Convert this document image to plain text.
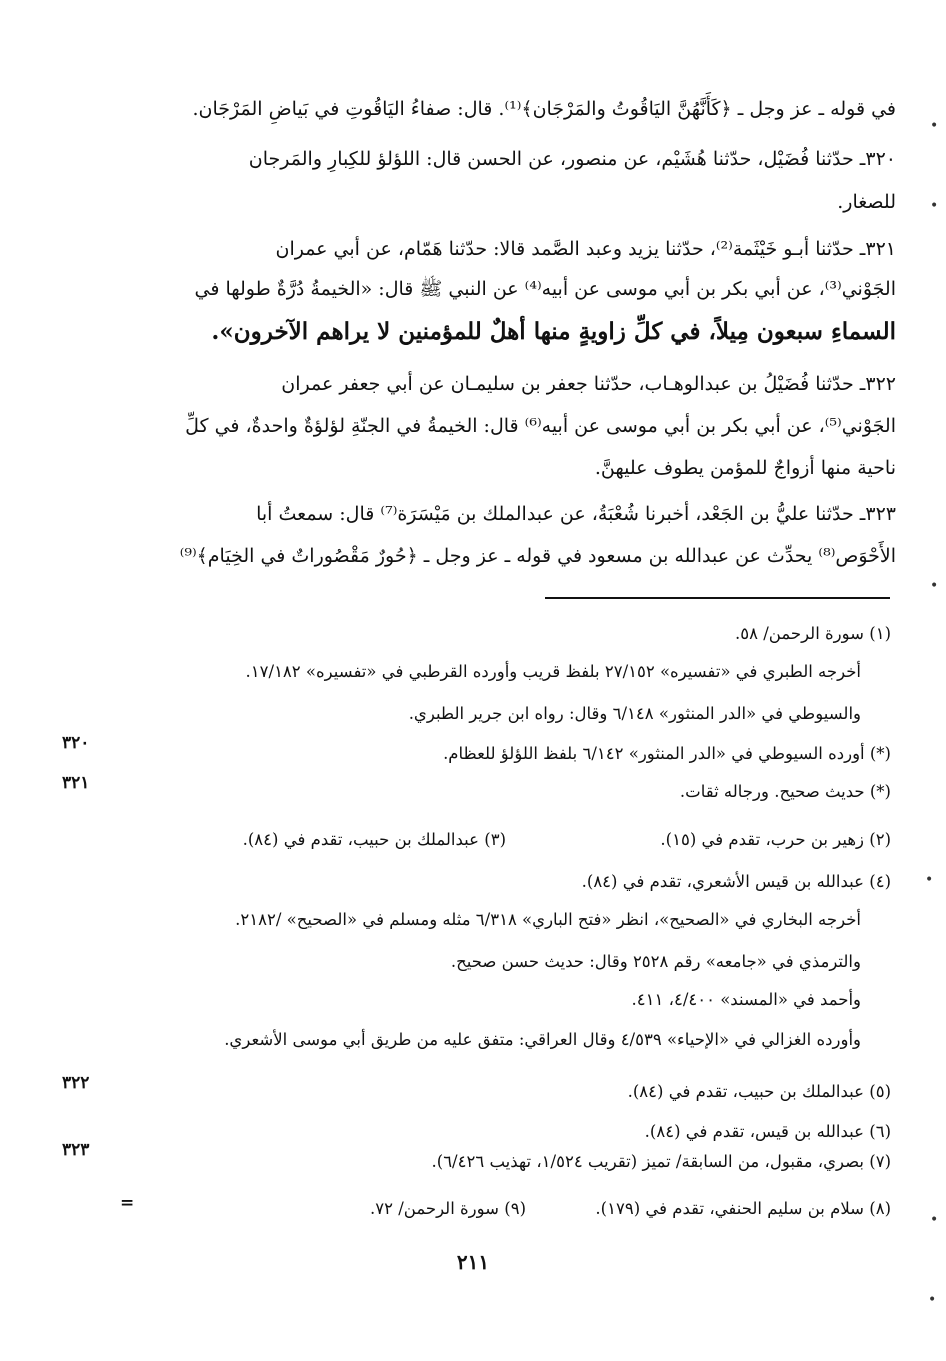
في قوله ـ عز وجل ـ ﴿كَأَنَّهُنَّ اليَاقُوتُ والمَرْجَان﴾⁽¹⁾. قال: صفاءُ اليَاقُوتِ في بَياضِ المَرْجَان.
٣٢٠ـ حدّثنا فُضَيْل، حدّثنا هُشَيْم، عن منصور، عن الحسن قال: اللؤلؤ للكِبارِ والمَرجان
للصغار.
٣٢١ـ حدّثنا أبـو خَيْثَمة⁽²⁾، حدّثنا يزيد وعبد الصَّمد قالا: حدّثنا هَمّام، عن أبي عمران
الجَوْني⁽³⁾، عن أبي بكر بن أبي موسى عن أبيه⁽⁴⁾ عن النبي ﷺ قال: «الخيمةُ دُرَّةٌ طولها في
السماءِ سبعون مِيلاً، في كلِّ زاويةٍ منها أهلٌ للمؤمنين لا يراهم الآخرون».
٣٢٢ـ حدّثنا فُضَيْلُ بن عبدالوهـاب، حدّثنا جعفر بن سليمـان عن أبي جعفر عمران
الجَوْني⁽⁵⁾، عن أبي بكر بن أبي موسى عن أبيه⁽⁶⁾ قال: الخيمةُ في الجنّةِ لؤلؤةٌ واحدةٌ، في كلِّ
ناحية منها أزواجٌ للمؤمن يطوف عليهنَّ.
٣٢٣ـ حدّثنا عليُّ بن الجَعْد، أخبرنا شُعْبَةُ، عن عبدالملك بن مَيْسَرَة⁽⁷⁾ قال: سمعتُ أبا
الأَحْوَص⁽⁸⁾ يحدِّث عن عبدالله بن مسعود في قوله ـ عز وجل ـ ﴿حُورٌ مَقْصُوراتٌ في الخِيَام﴾⁽⁹⁾
(١) سورة الرحمن/ ٥٨.
أخرجه الطبري في «تفسيره» ٢٧/١٥٢ بلفظ قريب وأورده القرطبي في «تفسيره» ١٧/١٨٢.
والسيوطي في «الدر المنثور» ٦/١٤٨ وقال: رواه ابن جرير الطبري.
(*) أورده السيوطي في «الدر المنثور» ٦/١٤٢ بلفظ اللؤلؤ للعظام.
(*) حديث صحيح. ورجاله ثقات.
(٢) زهير بن حرب، تقدم في (١٥).
(٣) عبدالملك بن حبيب، تقدم في (٨٤).
(٤) عبدالله بن قيس الأشعري، تقدم في (٨٤).
أخرجه البخاري في «الصحيح»، انظر «فتح الباري» ٦/٣١٨ مثله ومسلم في «الصحيح» /٢١٨٢.
والترمذي في «جامعه» رقم ٢٥٢٨ وقال: حديث حسن صحيح.
وأحمد في «المسند» ٤/٤٠٠، ٤١١.
وأورده الغزالي في «الإحياء» ٤/٥٣٩ وقال العراقي: متفق عليه من طريق أبي موسى الأشعري.
(٥) عبدالملك بن حبيب، تقدم في (٨٤).
(٦) عبدالله بن قيس، تقدم في (٨٤).
(٧) بصري، مقبول، من السابقة/ تميز (تقريب ١/٥٢٤، تهذيب ٦/٤٢٦).
(٨) سلام بن سليم الحنفي، تقدم في (١٧٩).
(٩) سورة الرحمن/ ٧٢.
٣٢٠
٣٢١
٣٢٢
٣٢٣
=
٢١١
•
•
•
•
•
•
